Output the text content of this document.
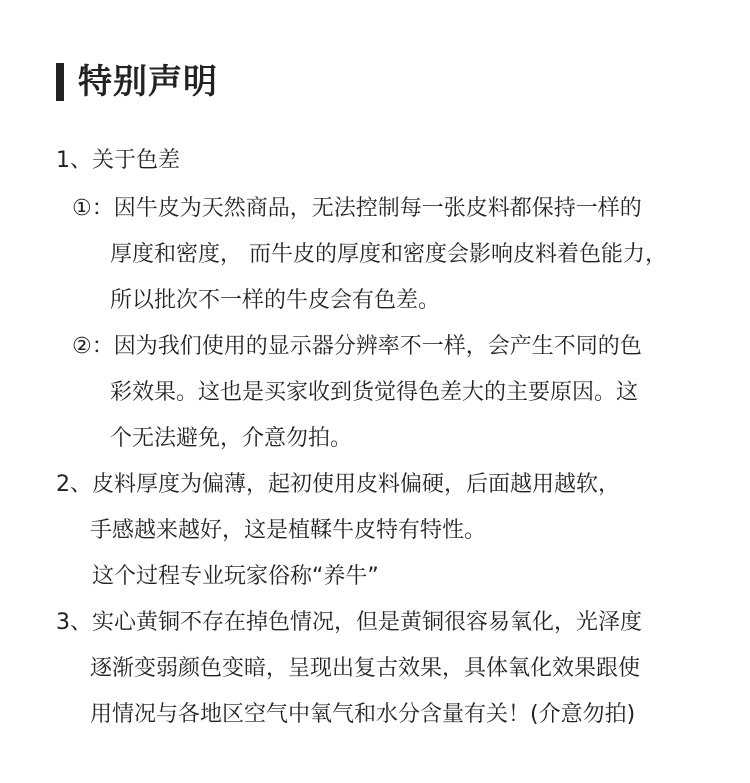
特别声明
1、关于色差
①：因牛皮为天然商品，无法控制每一张皮料都保持一样的
厚度和密度， 而牛皮的厚度和密度会影响皮料着色能力，
所以批次不一样的牛皮会有色差。
②：因为我们使用的显示器分辨率不一样，会产生不同的色
彩效果。这也是买家收到货觉得色差大的主要原因。这
个无法避免，介意勿拍。
2、皮料厚度为偏薄，起初使用皮料偏硬，后面越用越软，
手感越来越好，这是植鞣牛皮特有特性。
这个过程专业玩家俗称“养牛”
3、实心黄铜不存在掉色情况，但是黄铜很容易氧化，光泽度
逐渐变弱颜色变暗，呈现出复古效果，具体氧化效果跟使
用情况与各地区空气中氧气和水分含量有关！(介意勿拍)
